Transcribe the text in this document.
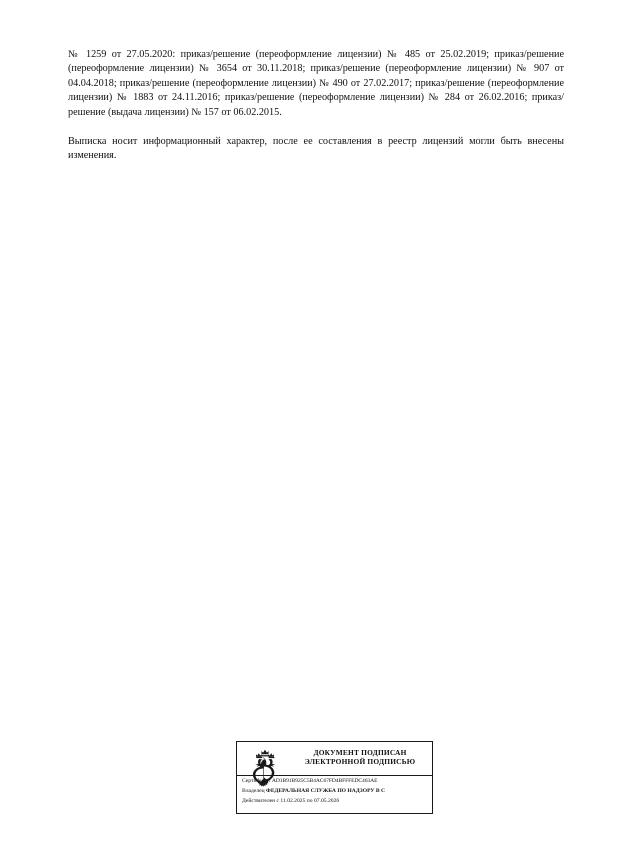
№ 1259 от 27.05.2020: приказ/решение (переоформление лицензии) № 485 от 25.02.2019; приказ/решение (переоформление лицензии) № 3654 от 30.11.2018; приказ/решение (переоформление лицензии) № 907 от 04.04.2018; приказ/решение (переоформление лицензии) № 490 от 27.02.2017; приказ/решение (переоформление лицензии) № 1883 от 24.11.2016; приказ/решение (переоформление лицензии) № 284 от 26.02.2016; приказ/решение (выдача лицензии) № 157 от 06.02.2015.

Выписка носит информационный характер, после ее составления в реестр лицензий могли быть внесены изменения.

ДОКУМЕНТ ПОДПИСАН
ЭЛЕКТРОННОЙ ПОДПИСЬЮ
Сертификат AD1B91B925C5B4AC67FD4BFFFEDC463AE
Владелец ФЕДЕРАЛЬНАЯ СЛУЖБА ПО НАДЗОРУ В С
Действителен с 11.02.2025 по 07.05.2026
